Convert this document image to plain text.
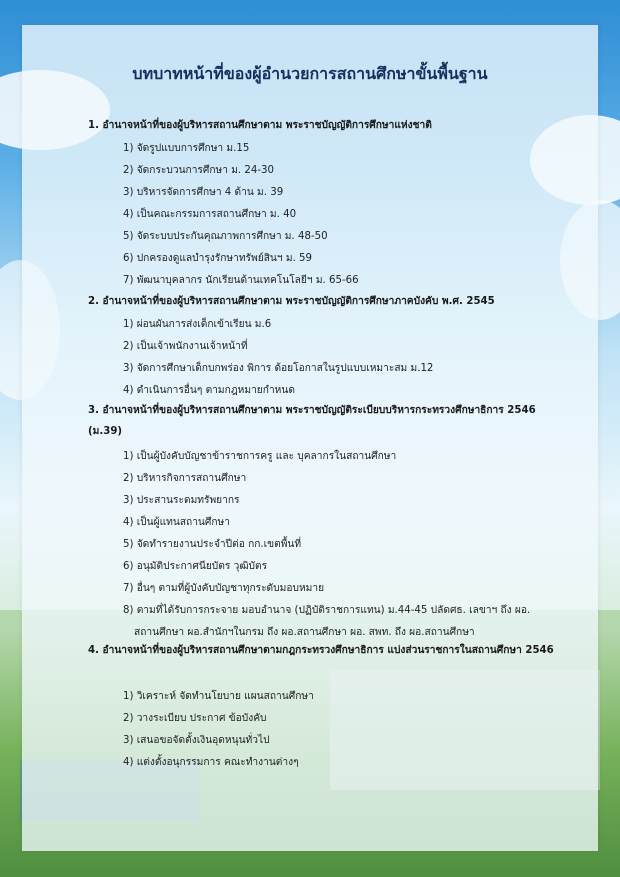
บทบาทหน้าที่ของผู้อำนวยการสถานศึกษาขั้นพื้นฐาน
1. อำนาจหน้าที่ของผู้บริหารสถานศึกษาตาม พระราชบัญญัติการศึกษาแห่งชาติ
1) จัดรูปแบบการศึกษา ม.15
2) จัดกระบวนการศึกษา ม. 24-30
3) บริหารจัดการศึกษา 4 ด้าน ม. 39
4) เป็นคณะกรรมการสถานศึกษา ม. 40
5) จัดระบบประกันคุณภาพการศึกษา ม. 48-50
6) ปกครองดูแลบำรุงรักษาทรัพย์สินฯ ม. 59
7) พัฒนาบุคลากร นักเรียนด้านเทคโนโลยีฯ ม. 65-66
2. อำนาจหน้าที่ของผู้บริหารสถานศึกษาตาม พระราชบัญญัติการศึกษาภาคบังคับ พ.ศ. 2545
1) ผ่อนผันการส่งเด็กเข้าเรียน ม.6
2) เป็นเจ้าพนักงานเจ้าหน้าที่
3) จัดการศึกษาเด็กบกพร่อง พิการ ด้อยโอกาสในรูปแบบเหมาะสม ม.12
4) ดำเนินการอื่นๆ ตามกฎหมายกำหนด
3. อำนาจหน้าที่ของผู้บริหารสถานศึกษาตาม พระราชบัญญัติระเบียบบริหารกระทรวงศึกษาธิการ 2546 (ม.39)
1) เป็นผู้บังคับบัญชาข้าราชการครู และ บุคลากรในสถานศึกษา
2) บริหารกิจการสถานศึกษา
3) ประสานระดมทรัพยากร
4) เป็นผู้แทนสถานศึกษา
5) จัดทำรายงานประจำปีต่อ กก.เขตพื้นที่
6) อนุมัติประกาศนียบัตร วุฒิบัตร
7) อื่นๆ ตามที่ผู้บังคับบัญชาทุกระดับมอบหมาย
8) ตามที่ได้รับการกระจาย มอบอำนาจ (ปฏิบัติราชการแทน) ม.44-45 ปลัดศธ. เลขาฯ ถึง ผอ.
สถานศึกษา ผอ.สำนักฯในกรม ถึง ผอ.สถานศึกษา ผอ. สพท. ถึง ผอ.สถานศึกษา
4. อำนาจหน้าที่ของผู้บริหารสถานศึกษาตามกฎกระทรวงศึกษาธิการ แบ่งส่วนราชการในสถานศึกษา 2546
1) วิเคราะห์ จัดทำนโยบาย แผนสถานศึกษา
2) วางระเบียบ ประกาศ ข้อบังคับ
3) เสนอขอจัดตั้งเงินอุดหนุนทั่วไป
4) แต่งตั้งอนุกรรมการ คณะทำงานต่างๆ
